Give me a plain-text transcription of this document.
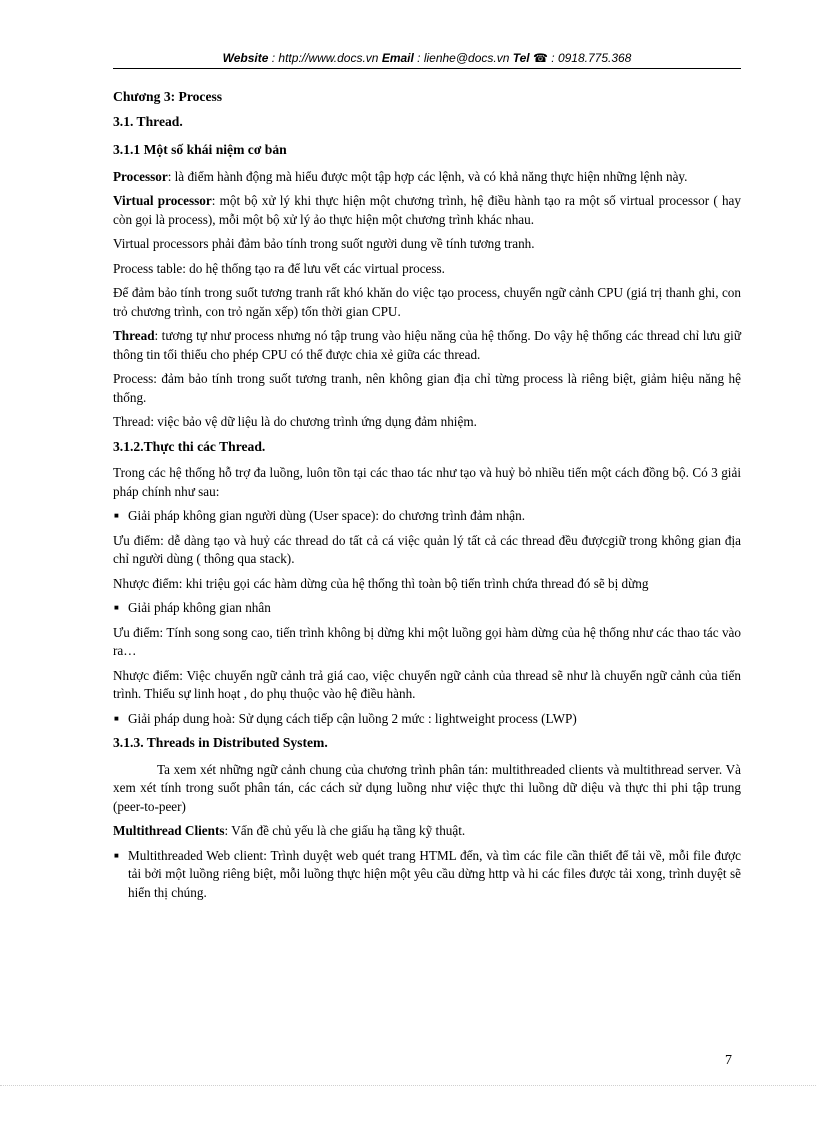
Website : http://www.docs.vn Email : lienhe@docs.vn Tel ☎ : 0918.775.368

Chương 3: Process

3.1. Thread.

3.1.1 Một số khái niệm cơ bản

Processor: là điểm hành động mà hiểu được một tập hợp các lệnh, và có khả năng thực hiện những lệnh này.

Virtual processor: một bộ xử lý khi thực hiện một chương trình, hệ điều hành tạo ra một số virtual processor ( hay còn gọi là process), mỗi một bộ xử lý ảo thực hiện một chương trình khác nhau.

Virtual processors phải đảm bảo tính trong suốt người dung về tính tương tranh.

Process table: do hệ thống tạo ra để lưu vết các virtual process.

Để đảm bảo tính trong suốt tương tranh rất khó khăn do việc tạo process, chuyển ngữ cảnh CPU (giá trị thanh ghi, con trỏ chương trình, con trỏ ngăn xếp) tốn thời gian CPU.

Thread: tương tự như process nhưng nó tập trung vào hiệu năng của hệ thống. Do vậy hệ thống các thread chỉ lưu giữ thông tin tối thiểu cho phép CPU có thể được chia xẻ giữa các thread.

Process: đảm bảo tính trong suốt tương tranh, nên không gian địa chỉ từng process là riêng biệt, giảm hiệu năng hệ thống.

Thread: việc bảo vệ dữ liệu là do chương trình ứng dụng đảm nhiệm.

3.1.2.Thực thi các Thread.

Trong các hệ thống hỗ trợ đa luồng, luôn tồn tại các thao tác như tạo và huỷ bỏ nhiều tiến một cách đồng bộ. Có 3 giải pháp chính như sau:

■ Giải pháp không gian người dùng (User space): do chương trình đảm nhận.

Ưu điểm: dễ dàng tạo và huỷ các thread do tất cả cá việc quản lý tất cả các thread đều đượcgiữ trong không gian địa chỉ người dùng ( thông qua stack).

Nhược điểm: khi triệu gọi các hàm dừng của hệ thống thì toàn bộ tiến trình chứa thread đó sẽ bị dừng

■ Giải pháp không gian nhân

Ưu điểm: Tính song song cao, tiến trình không bị dừng khi một luồng gọi hàm dừng của hệ thống như các thao tác vào ra…

Nhược điểm: Việc chuyển ngữ cảnh trả giá cao, việc chuyển ngữ cảnh của thread sẽ như là chuyển ngữ cảnh của tiến trình. Thiếu sự linh hoạt , do phụ thuộc vào hệ điều hành.

■ Giải pháp dung hoà: Sử dụng cách tiếp cận luồng 2 mức : lightweight process (LWP)

3.1.3. Threads in Distributed System.

Ta xem xét những ngữ cảnh chung của chương trình phân tán: multithreaded clients và multithread server. Và xem xét tính trong suốt phân tán, các cách sử dụng luồng như việc thực thi luồng dữ diệu và thực thi phi tập trung (peer-to-peer)

Multithread Clients: Vấn đề chủ yếu là che giấu hạ tầng kỹ thuật.

■ Multithreaded Web client: Trình duyệt web quét trang HTML đến, và tìm các file cần thiết để tải về, mỗi file được tải bởi một luồng riêng biệt, mỗi luồng thực hiện một yêu cầu dừng http và hi các files được tải xong, trình duyệt sẽ hiển thị chúng.
7
